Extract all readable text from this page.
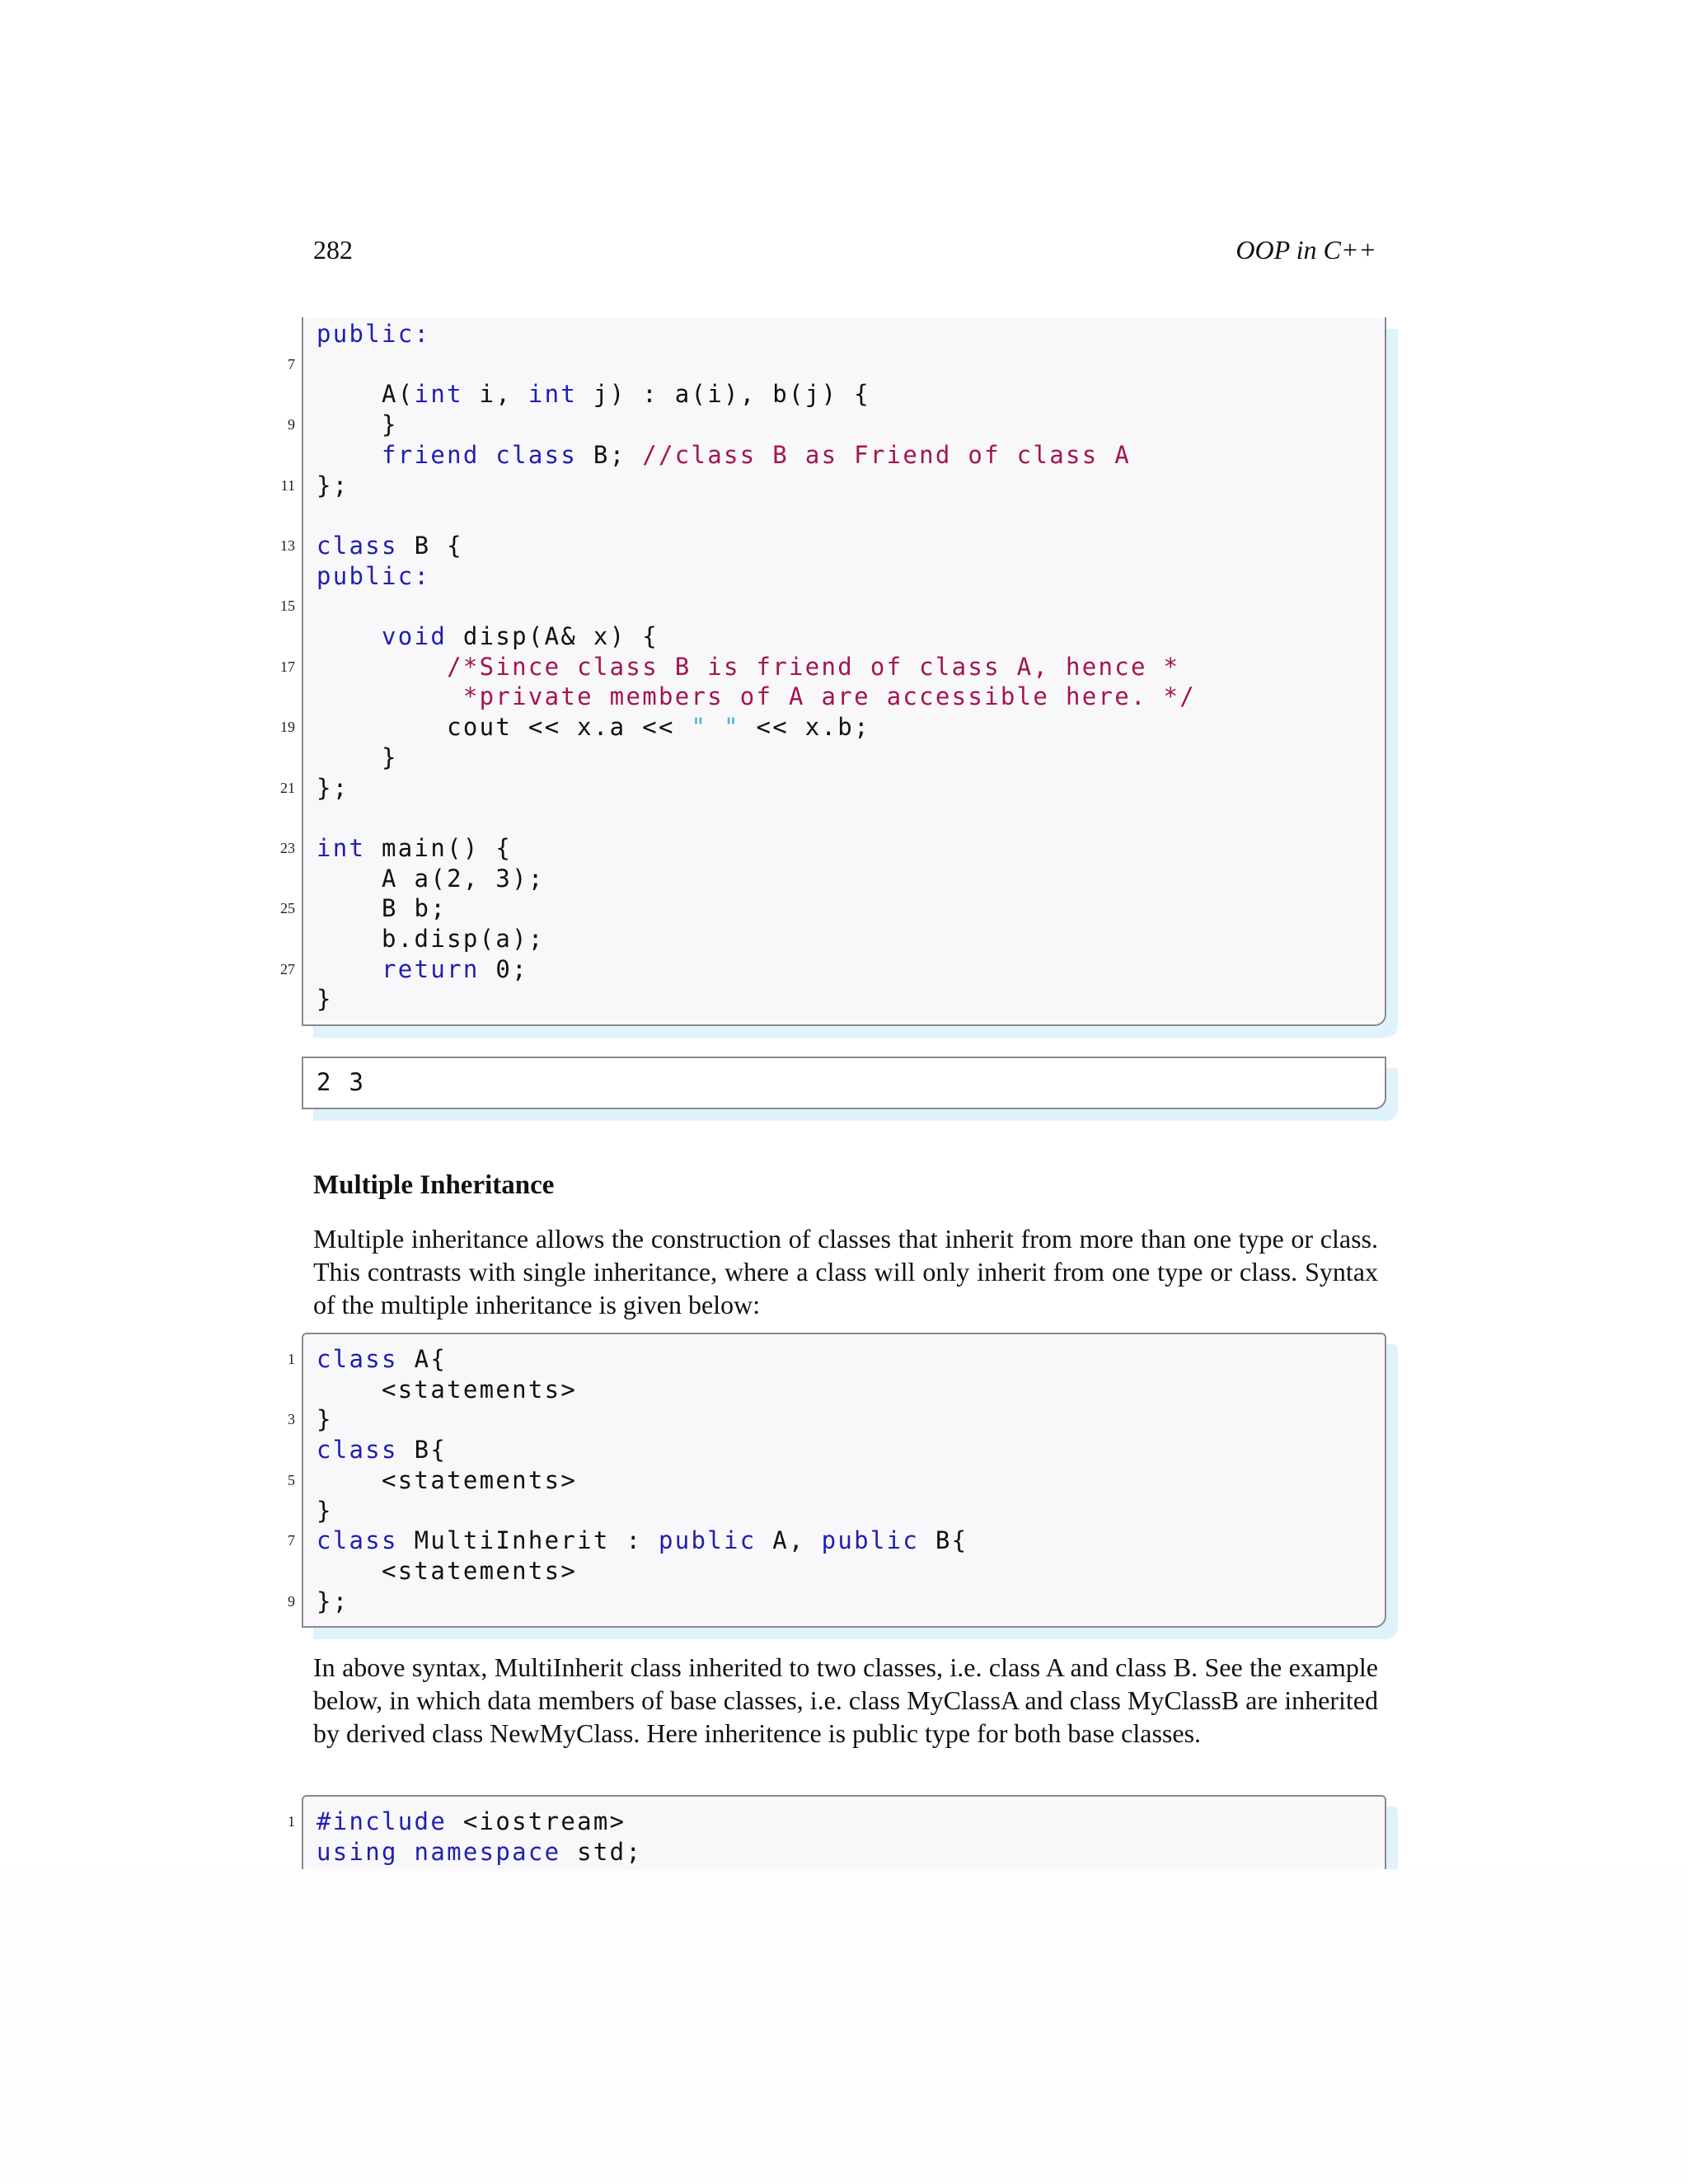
282	OOP in C++
public:
A(int i, int j) : a(i), b(j) {
}
friend class B; //class B as Friend of class A
};
class B {
public:
void disp(A& x) {
/*Since class B is friend of class A, hence *
*private members of A are accessible here. */
cout << x.a << " " << x.b;
}
};
int main() {
A a(2, 3);
B b;
b.disp(a);
return 0;
}
7
9
11
13
15
17
19
21
23
25
27
2 3
Multiple Inheritance

Multiple inheritance allows the construction of classes that inherit from more than one type or class. This contrasts with single inheritance, where a class will only inherit from one type or class. Syntax of the multiple inheritance is given below:

class A{
<statements>
}
class B{
<statements>
}
class MultiInherit : public A, public B{
<statements>
};
1
3
5
7
9

In above syntax, MultiInherit class inherited to two classes, i.e. class A and class B. See the example below, in which data members of base classes, i.e. class MyClassA and class MyClassB are inherited by derived class NewMyClass. Here inheritence is public type for both base classes.

#include <iostream>
using namespace std;
1
